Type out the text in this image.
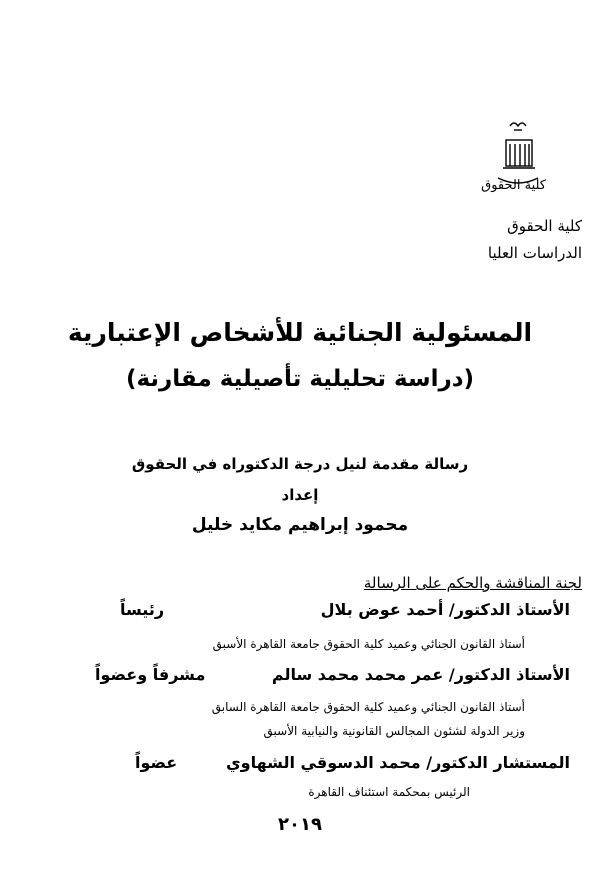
كلية الحقوق
كلية الحقوق
الدراسات العليا
المسئولية الجنائية للأشخاص الإعتبارية
(دراسة تحليلية تأصيلية مقارنة)
رسالة مقدمة لنيل درجة الدكتوراه في الحقوق
إعداد
محمود إبراهيم مكايد خليل
لجنة المناقشة والحكم على الرسالة
الأستاذ الدكتور/ أحمد عوض بلال
رئيساً
أستاذ القانون الجنائي وعميد كلية الحقوق جامعة القاهرة الأسبق
الأستاذ الدكتور/ عمر محمد محمد سالم
مشرفاً وعضواً
أستاذ القانون الجنائي وعميد كلية الحقوق جامعة القاهرة السابق
وزير الدولة لشئون المجالس القانونية والنيابية الأسبق
المستشار الدكتور/ محمد الدسوقي الشهاوي
عضواً
الرئيس بمحكمة استئناف القاهرة
٢٠١٩
